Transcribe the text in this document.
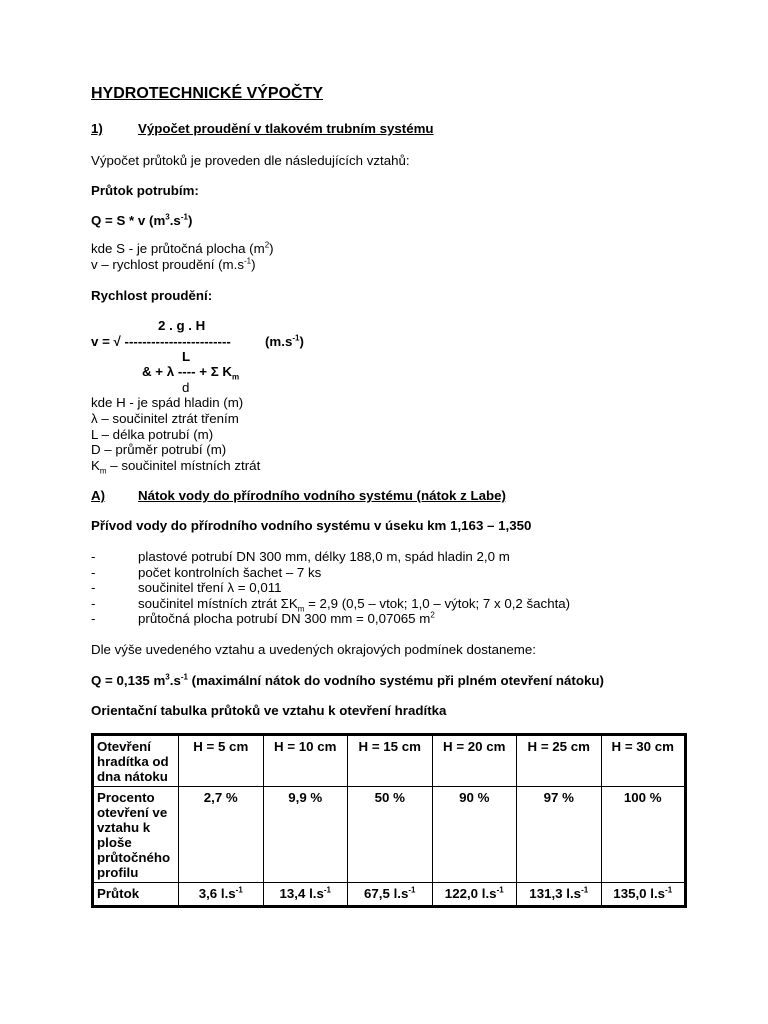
HYDROTECHNICKÉ VÝPOČTY
1)	Výpočet proudění v tlakovém trubním systému
Výpočet průtoků je proveden dle následujících vztahů:
Průtok potrubím:
Q = S * v $(m^3.s^{-1})$
kde S - je průtočná plocha $(m^2)$
v – rychlost proudění $(m.s^{-1})$
Rychlost proudění:
2 . g . H
v = √ ------------------------	$(m.s^{-1})$
L
& + λ ---- + Σ $K_m$
d
kde H - je spád hladin (m)
λ – součinitel ztrát třením
L – délka potrubí (m)
D – průměr potrubí (m)
$K_m$ – součinitel místních ztrát
A) Nátok vody do přírodního vodního systému (nátok z Labe)
Přívod vody do přírodního vodního systému v úseku km 1,163 – 1,350
-	plastové potrubí DN 300 mm, délky 188,0 m, spád hladin 2,0 m
-	počet kontrolních šachet – 7 ks
-	součinitel tření λ = 0,011
-	součinitel místních ztrát $\Sigma K_m = 2,9$ (0,5 – vtok; 1,0 – výtok; 7 x 0,2 šachta)
-	průtočná plocha potrubí DN 300 mm = 0,07065 $m^2$
Dle výše uvedeného vztahu a uvedených okrajových podmínek dostaneme:
Q = 0,135 $m^3.s^{-1}$ (maximální nátok do vodního systému při plném otevření nátoku)
Orientační tabulka průtoků ve vztahu k otevření hradítka
Otevření hradítka od dna nátoku	H = 5 cm	H = 10 cm	H = 15 cm	H = 20 cm	H = 25 cm	H = 30 cm
Procento otevření ve vztahu k ploše průtočného profilu	2,7 %	9,9 %	50 %	90 %	97 %	100 %
Průtok	3,6 $l.s^{-1}$	13,4 $l.s^{-1}$	67,5 $l.s^{-1}$	122,0 $l.s^{-1}$	131,3 $l.s^{-1}$	135,0 $l.s^{-1}$
